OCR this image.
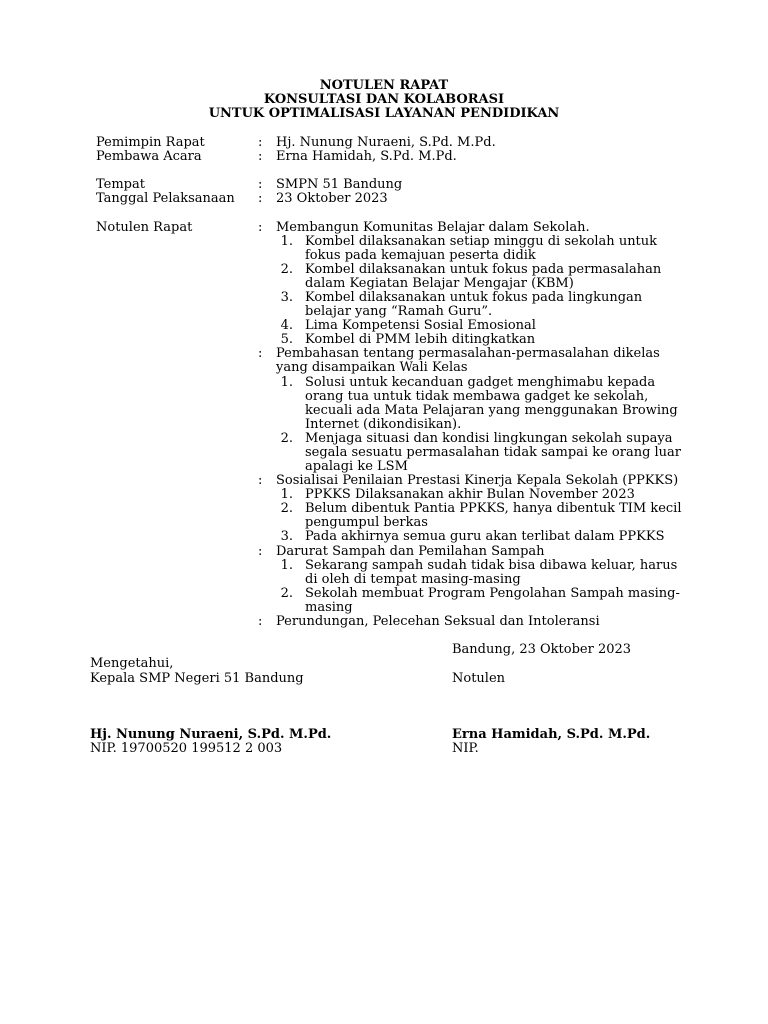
NOTULEN RAPAT
KONSULTASI DAN KOLABORASI
UNTUK OPTIMALISASI LAYANAN PENDIDIKAN
Pemimpin Rapat	: Hj. Nunung Nuraeni, S.Pd. M.Pd.
Pembawa Acara	: Erna Hamidah, S.Pd. M.Pd.
Tempat	: SMPN 51 Bandung
Tanggal Pelaksanaan : 23 Oktober 2023
Notulen Rapat	: Membangun Komunitas Belajar dalam Sekolah.
1. Kombel dilaksanakan setiap minggu di sekolah untuk
fokus pada kemajuan peserta didik
2. Kombel dilaksanakan untuk fokus pada permasalahan
dalam Kegiatan Belajar Mengajar (KBM)
3. Kombel dilaksanakan untuk fokus pada lingkungan
belajar yang “Ramah Guru”.
4. Lima Kompetensi Sosial Emosional
5. Kombel di PMM lebih ditingkatkan
: Pembahasan tentang permasalahan-permasalahan dikelas
yang disampaikan Wali Kelas
1. Solusi untuk kecanduan gadget menghimabu kepada
orang tua untuk tidak membawa gadget ke sekolah,
kecuali ada Mata Pelajaran yang menggunakan Browing
Internet (dikondisikan).
2. Menjaga situasi dan kondisi lingkungan sekolah supaya
segala sesuatu permasalahan tidak sampai ke orang luar
apalagi ke LSM
: Sosialisai Penilaian Prestasi Kinerja Kepala Sekolah (PPKKS)
1. PPKKS Dilaksanakan akhir Bulan November 2023
2. Belum dibentuk Pantia PPKKS, hanya dibentuk TIM kecil
pengumpul berkas
3. Pada akhirnya semua guru akan terlibat dalam PPKKS
: Darurat Sampah dan Pemilahan Sampah
1. Sekarang sampah sudah tidak bisa dibawa keluar, harus
di oleh di tempat masing-masing
2. Sekolah membuat Program Pengolahan Sampah masing-
masing
: Perundungan, Pelecehan Seksual dan Intoleransi
Bandung, 23 Oktober 2023
Mengetahui,
Kepala SMP Negeri 51 Bandung	Notulen
Hj. Nunung Nuraeni, S.Pd. M.Pd.	Erna Hamidah, S.Pd. M.Pd.
NIP. 19700520 199512 2 003	NIP.
